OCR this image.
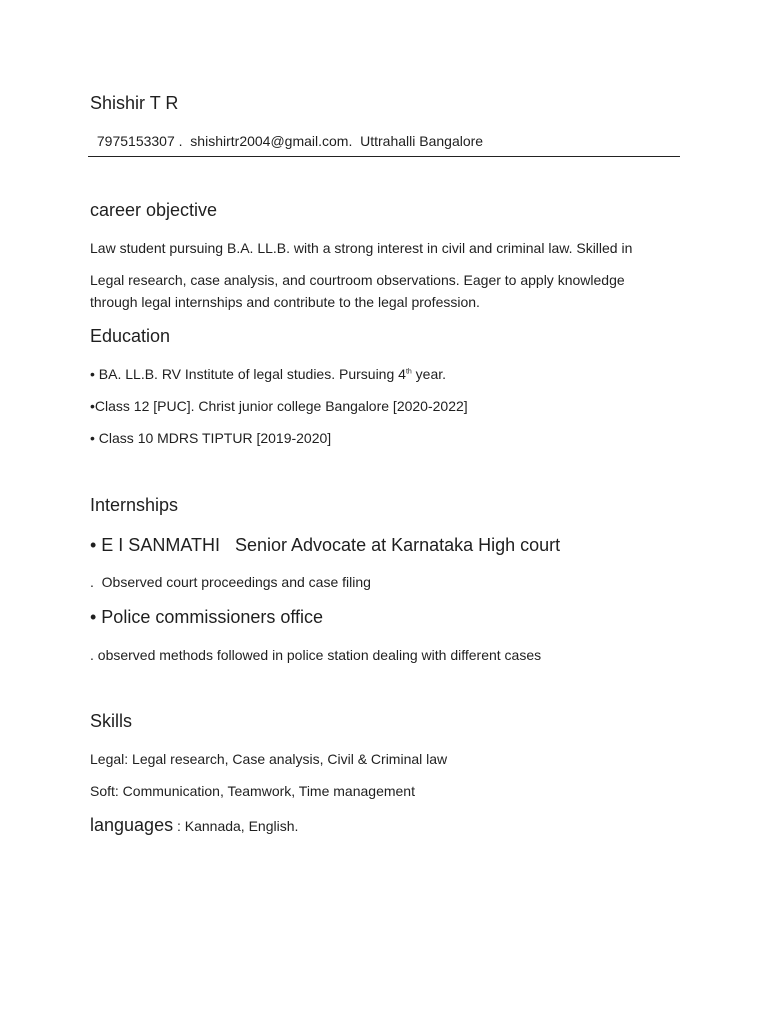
Shishir T R
7975153307 .  shishirtr2004@gmail.com.  Uttrahalli Bangalore
career objective
Law student pursuing B.A. LL.B. with a strong interest in civil and criminal law. Skilled in
Legal research, case analysis, and courtroom observations. Eager to apply knowledge
through legal internships and contribute to the legal profession.
Education
• BA. LL.B. RV Institute of legal studies. Pursuing 4th year.
•Class 12 [PUC]. Christ junior college Bangalore [2020-2022]
• Class 10 MDRS TIPTUR [2019-2020]
Internships
• E I SANMATHI   Senior Advocate at Karnataka High court
.  Observed court proceedings and case filing
• Police commissioners office
. observed methods followed in police station dealing with different cases
Skills
Legal: Legal research, Case analysis, Civil & Criminal law
Soft: Communication, Teamwork, Time management
languages : Kannada, English.
